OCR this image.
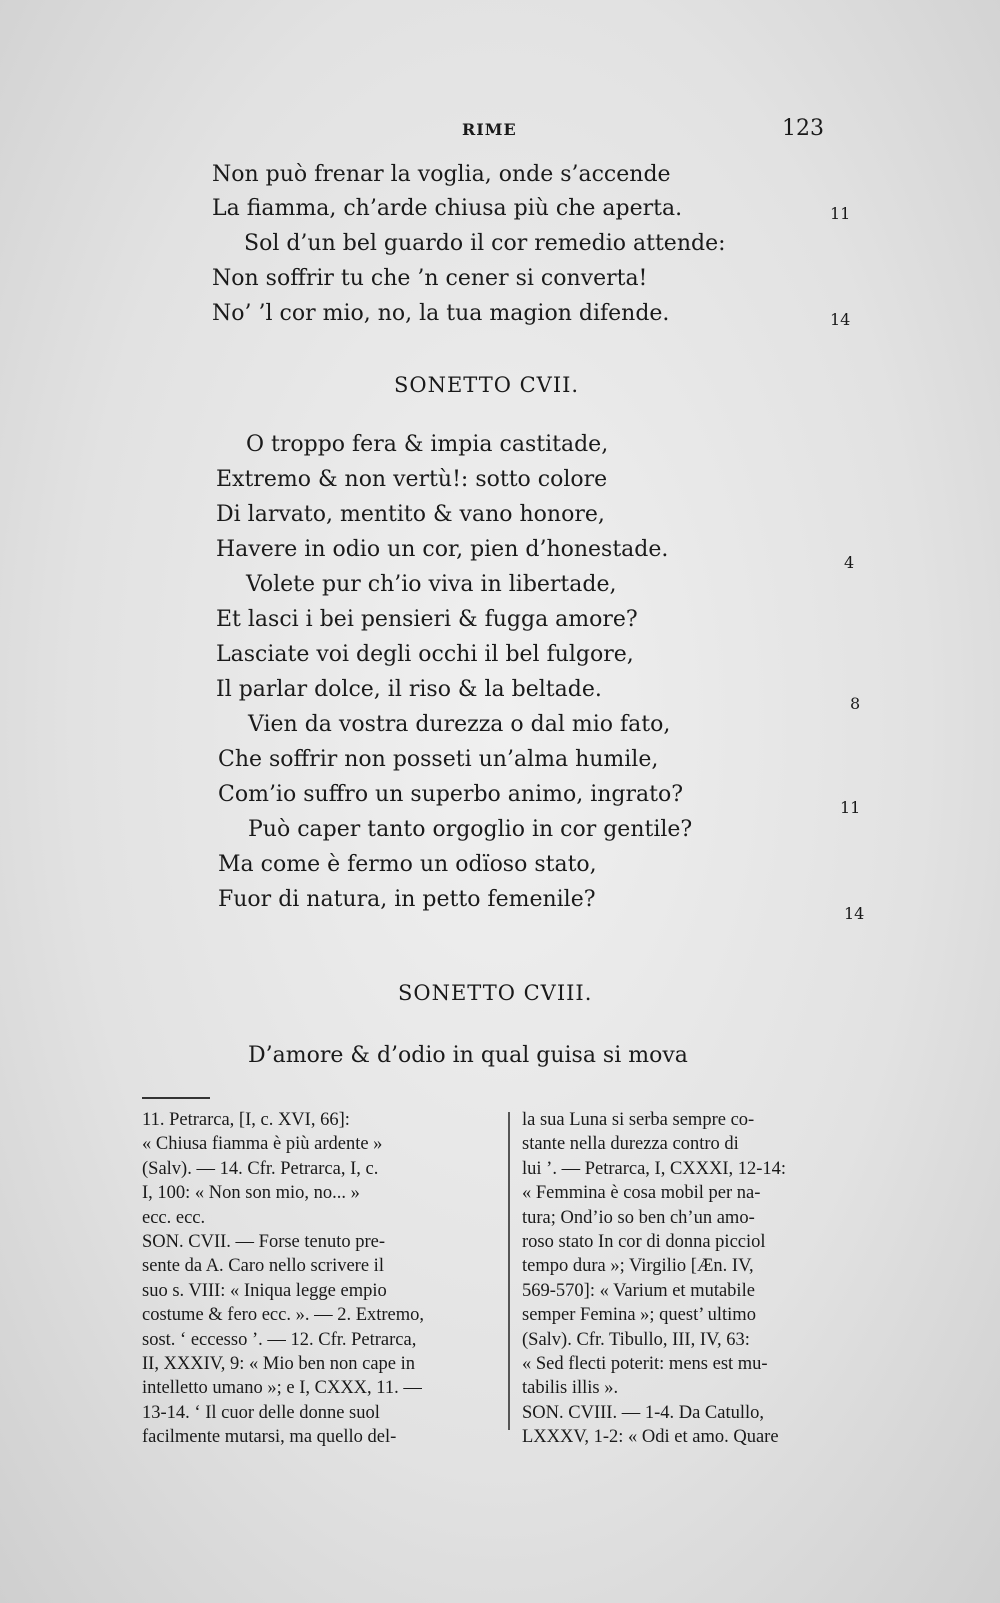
RIME	123
Non può frenar la voglia, onde s’accende
La fiamma, ch’arde chiusa più che aperta.
Sol d’un bel guardo il cor remedio attende:
Non soffrir tu che ’n cener si converta!
No’ ’l cor mio, no, la tua magion difende.
11
14
SONETTO CVII.
O troppo fera & impia castitade,
Extremo & non vertù!: sotto colore
Di larvato, mentito & vano honore,
Havere in odio un cor, pien d’honestade.
Volete pur ch’io viva in libertade,
Et lasci i bei pensieri & fugga amore?
Lasciate voi degli occhi il bel fulgore,
Il parlar dolce, il riso & la beltade.
Vien da vostra durezza o dal mio fato,
Che soffrir non posseti un’alma humile,
Com’io suffro un superbo animo, ingrato?
Può caper tanto orgoglio in cor gentile?
Ma come è fermo un odïoso stato,
Fuor di natura, in petto femenile?
4
8
11
14
SONETTO CVIII.
D’amore & d’odio in qual guisa si mova
11. Petrarca, [I, c. XVI, 66]:
« Chiusa fiamma è più ardente »
(Salv). — 14. Cfr. Petrarca, I, c.
I, 100: « Non son mio, no... »
ecc. ecc.
SON. CVII. — Forse tenuto pre-
sente da A. Caro nello scrivere il
suo s. VIII: « Iniqua legge empio
costume & fero ecc. ». — 2. Extremo,
sost. ‘ eccesso ’. — 12. Cfr. Petrarca,
II, XXXIV, 9: « Mio ben non cape in
intelletto umano »; e I, CXXX, 11. —
13-14. ‘ Il cuor delle donne suol
facilmente mutarsi, ma quello del-
la sua Luna si serba sempre co-
stante nella durezza contro di
lui ’. — Petrarca, I, CXXXI, 12-14:
« Femmina è cosa mobil per na-
tura; Ond’io so ben ch’un amo-
roso stato In cor di donna picciol
tempo dura »; Virgilio [Æn. IV,
569-570]: « Varium et mutabile
semper Femina »; quest’ ultimo
(Salv). Cfr. Tibullo, III, IV, 63:
« Sed flecti poterit: mens est mu-
tabilis illis ».
SON. CVIII. — 1-4. Da Catullo,
LXXXV, 1-2: « Odi et amo. Quare
